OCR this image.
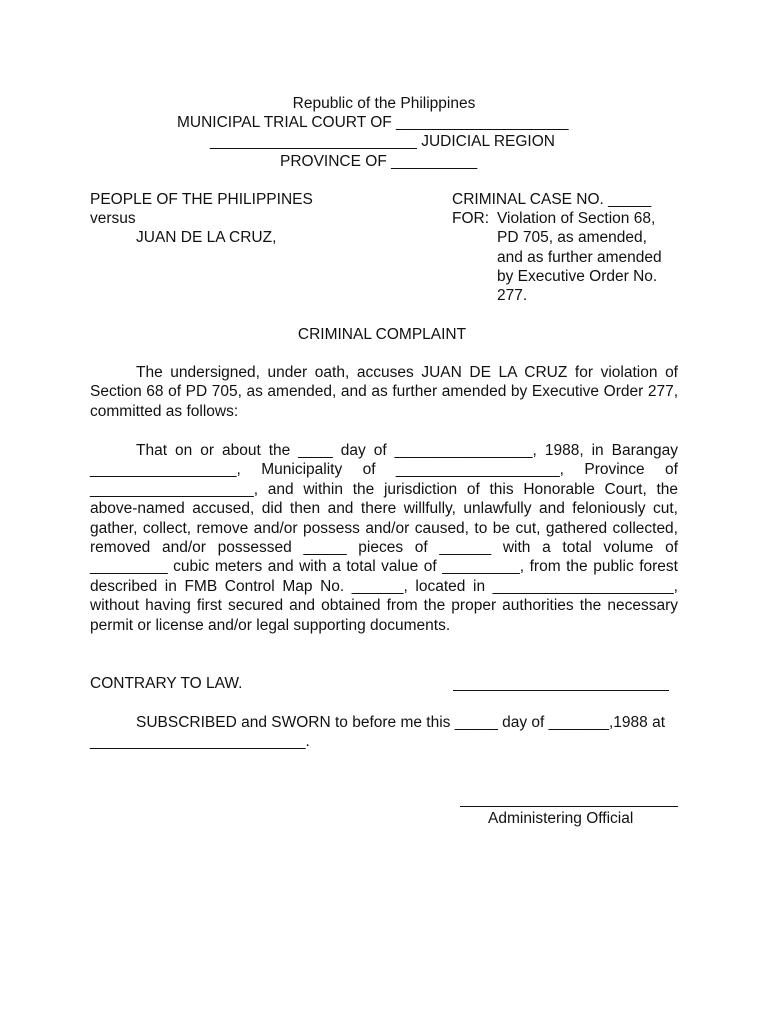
Republic of the Philippines
MUNICIPAL TRIAL COURT OF ____________________
________________________ JUDICIAL REGION
PROVINCE OF __________
PEOPLE OF THE PHILIPPINES
versus
JUAN DE LA CRUZ,
CRIMINAL CASE NO. _____
FOR: Violation of Section 68,
PD 705, as amended,
and as further amended
by Executive Order No.
277.
CRIMINAL COMPLAINT

The undersigned, under oath, accuses JUAN DE LA CRUZ for violation of Section 68 of PD 705, as amended, and as further amended by Executive Order 277, committed as follows:

That on or about the ____ day of ________________, 1988, in Barangay _________________, Municipality of ___________________, Province of ___________________, and within the jurisdiction of this Honorable Court, the above-named accused, did then and there willfully, unlawfully and feloniously cut, gather, collect, remove and/or possess and/or caused, to be cut, gathered collected, removed and/or possessed _____ pieces of ______ with a total volume of _________ cubic meters and with a total value of _________, from the public forest described in FMB Control Map No. ______, located in _____________________, without having first secured and obtained from the proper authorities the necessary permit or license and/or legal supporting documents.

CONTRARY TO LAW.

SUBSCRIBED and SWORN to before me this _____ day of _______,1988 at _________________________.

Administering Official
